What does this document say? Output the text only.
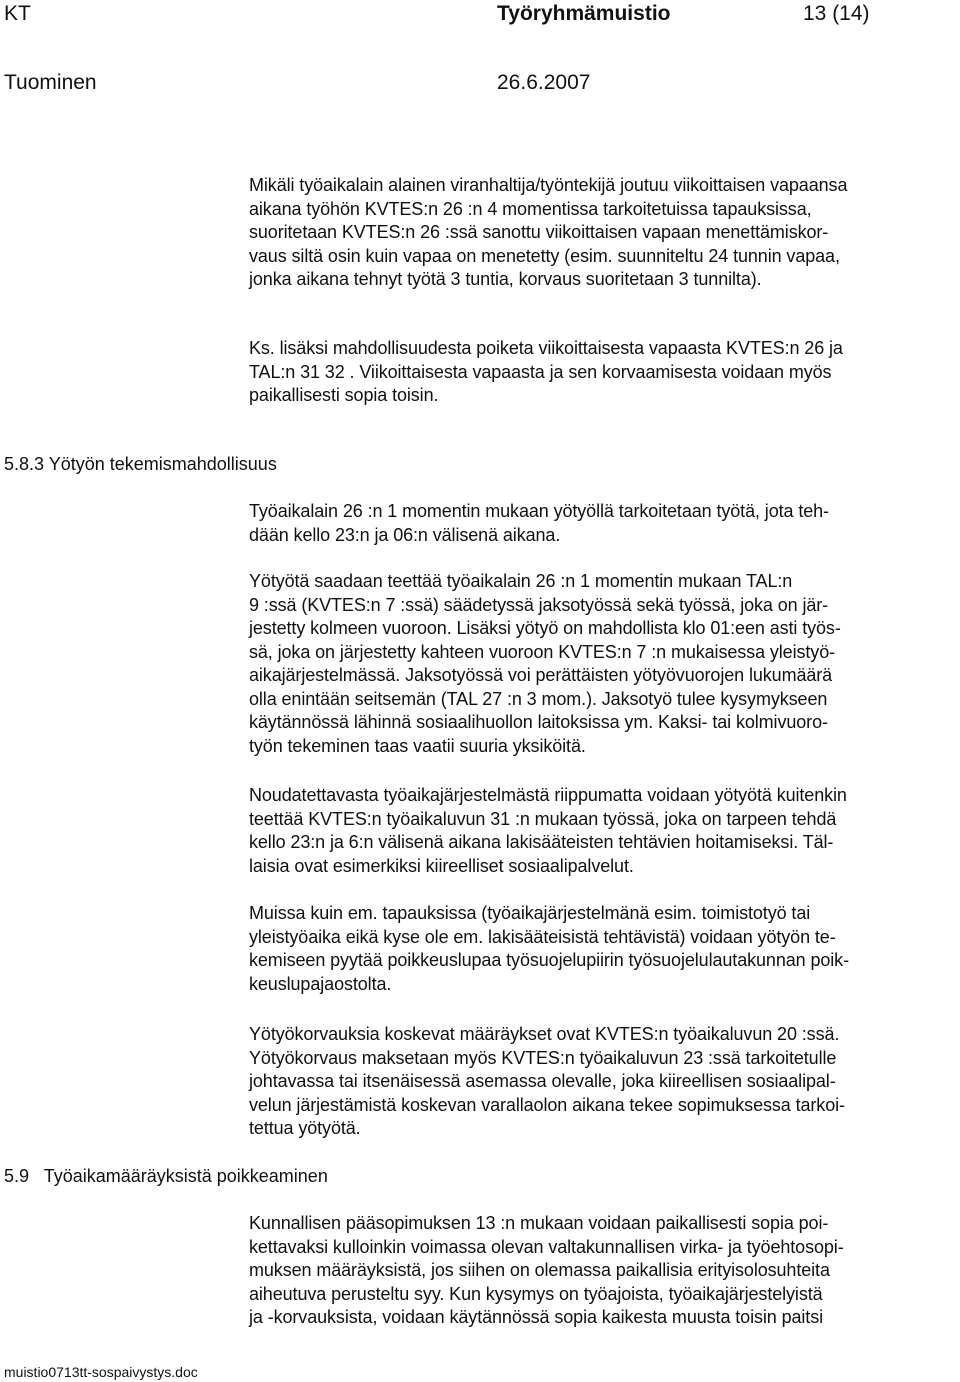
KT	Työryhmämuistio	13 (14)
Tuominen	26.6.2007
Mikäli työaikalain alainen viranhaltija/työntekijä joutuu viikoittaisen vapaansa
aikana työhön KVTES:n 26 :n 4 momentissa tarkoitetuissa tapauksissa,
suoritetaan KVTES:n 26 :ssä sanottu viikoittaisen vapaan menettämiskor-
vaus siltä osin kuin vapaa on menetetty (esim. suunniteltu 24 tunnin vapaa,
jonka aikana tehnyt työtä 3 tuntia, korvaus suoritetaan 3 tunnilta).
Ks. lisäksi mahdollisuudesta poiketa viikoittaisesta vapaasta KVTES:n 26 ja
TAL:n 31 32 . Viikoittaisesta vapaasta ja sen korvaamisesta voidaan myös
paikallisesti sopia toisin.
5.8.3 Yötyön tekemismahdollisuus
Työaikalain 26 :n 1 momentin mukaan yötyöllä tarkoitetaan työtä, jota teh-
dään kello 23:n ja 06:n välisenä aikana.
Yötyötä saadaan teettää työaikalain 26 :n 1 momentin mukaan TAL:n
9 :ssä (KVTES:n 7 :ssä) säädetyssä jaksotyössä sekä työssä, joka on jär-
jestetty kolmeen vuoroon. Lisäksi yötyö on mahdollista klo 01:een asti työs-
sä, joka on järjestetty kahteen vuoroon KVTES:n 7 :n mukaisessa yleistyö-
aikajärjestelmässä. Jaksotyössä voi perättäisten yötyövuorojen lukumäärä
olla enintään seitsemän (TAL 27 :n 3 mom.). Jaksotyö tulee kysymykseen
käytännössä lähinnä sosiaalihuollon laitoksissa ym. Kaksi- tai kolmivuoro-
työn tekeminen taas vaatii suuria yksiköitä.
Noudatettavasta työaikajärjestelmästä riippumatta voidaan yötyötä kuitenkin
teettää KVTES:n työaikaluvun 31 :n mukaan työssä, joka on tarpeen tehdä
kello 23:n ja 6:n välisenä aikana lakisääteisten tehtävien hoitamiseksi. Täl-
laisia ovat esimerkiksi kiireelliset sosiaalipalvelut.
Muissa kuin em. tapauksissa (työaikajärjestelmänä esim. toimistotyö tai
yleistyöaika eikä kyse ole em. lakisääteisistä tehtävistä) voidaan yötyön te-
kemiseen pyytää poikkeuslupaa työsuojelupiirin työsuojelulautakunnan poik-
keuslupajaostolta.
Yötyökorvauksia koskevat määräykset ovat KVTES:n työaikaluvun 20 :ssä.
Yötyökorvaus maksetaan myös KVTES:n työaikaluvun 23 :ssä tarkoitetulle
johtavassa tai itsenäisessä asemassa olevalle, joka kiireellisen sosiaalipal-
velun järjestämistä koskevan varallaolon aikana tekee sopimuksessa tarkoi-
tettua yötyötä.
5.9   Työaikamääräyksistä poikkeaminen
Kunnallisen pääsopimuksen 13 :n mukaan voidaan paikallisesti sopia poi-
kettavaksi kulloinkin voimassa olevan valtakunnallisen virka- ja työehtosopi-
muksen määräyksistä, jos siihen on olemassa paikallisia erityisolosuhteita
aiheutuva perusteltu syy. Kun kysymys on työajoista, työaikajärjestelyistä
ja -korvauksista, voidaan käytännössä sopia kaikesta muusta toisin paitsi
muistio0713tt-sospaivystys.doc
